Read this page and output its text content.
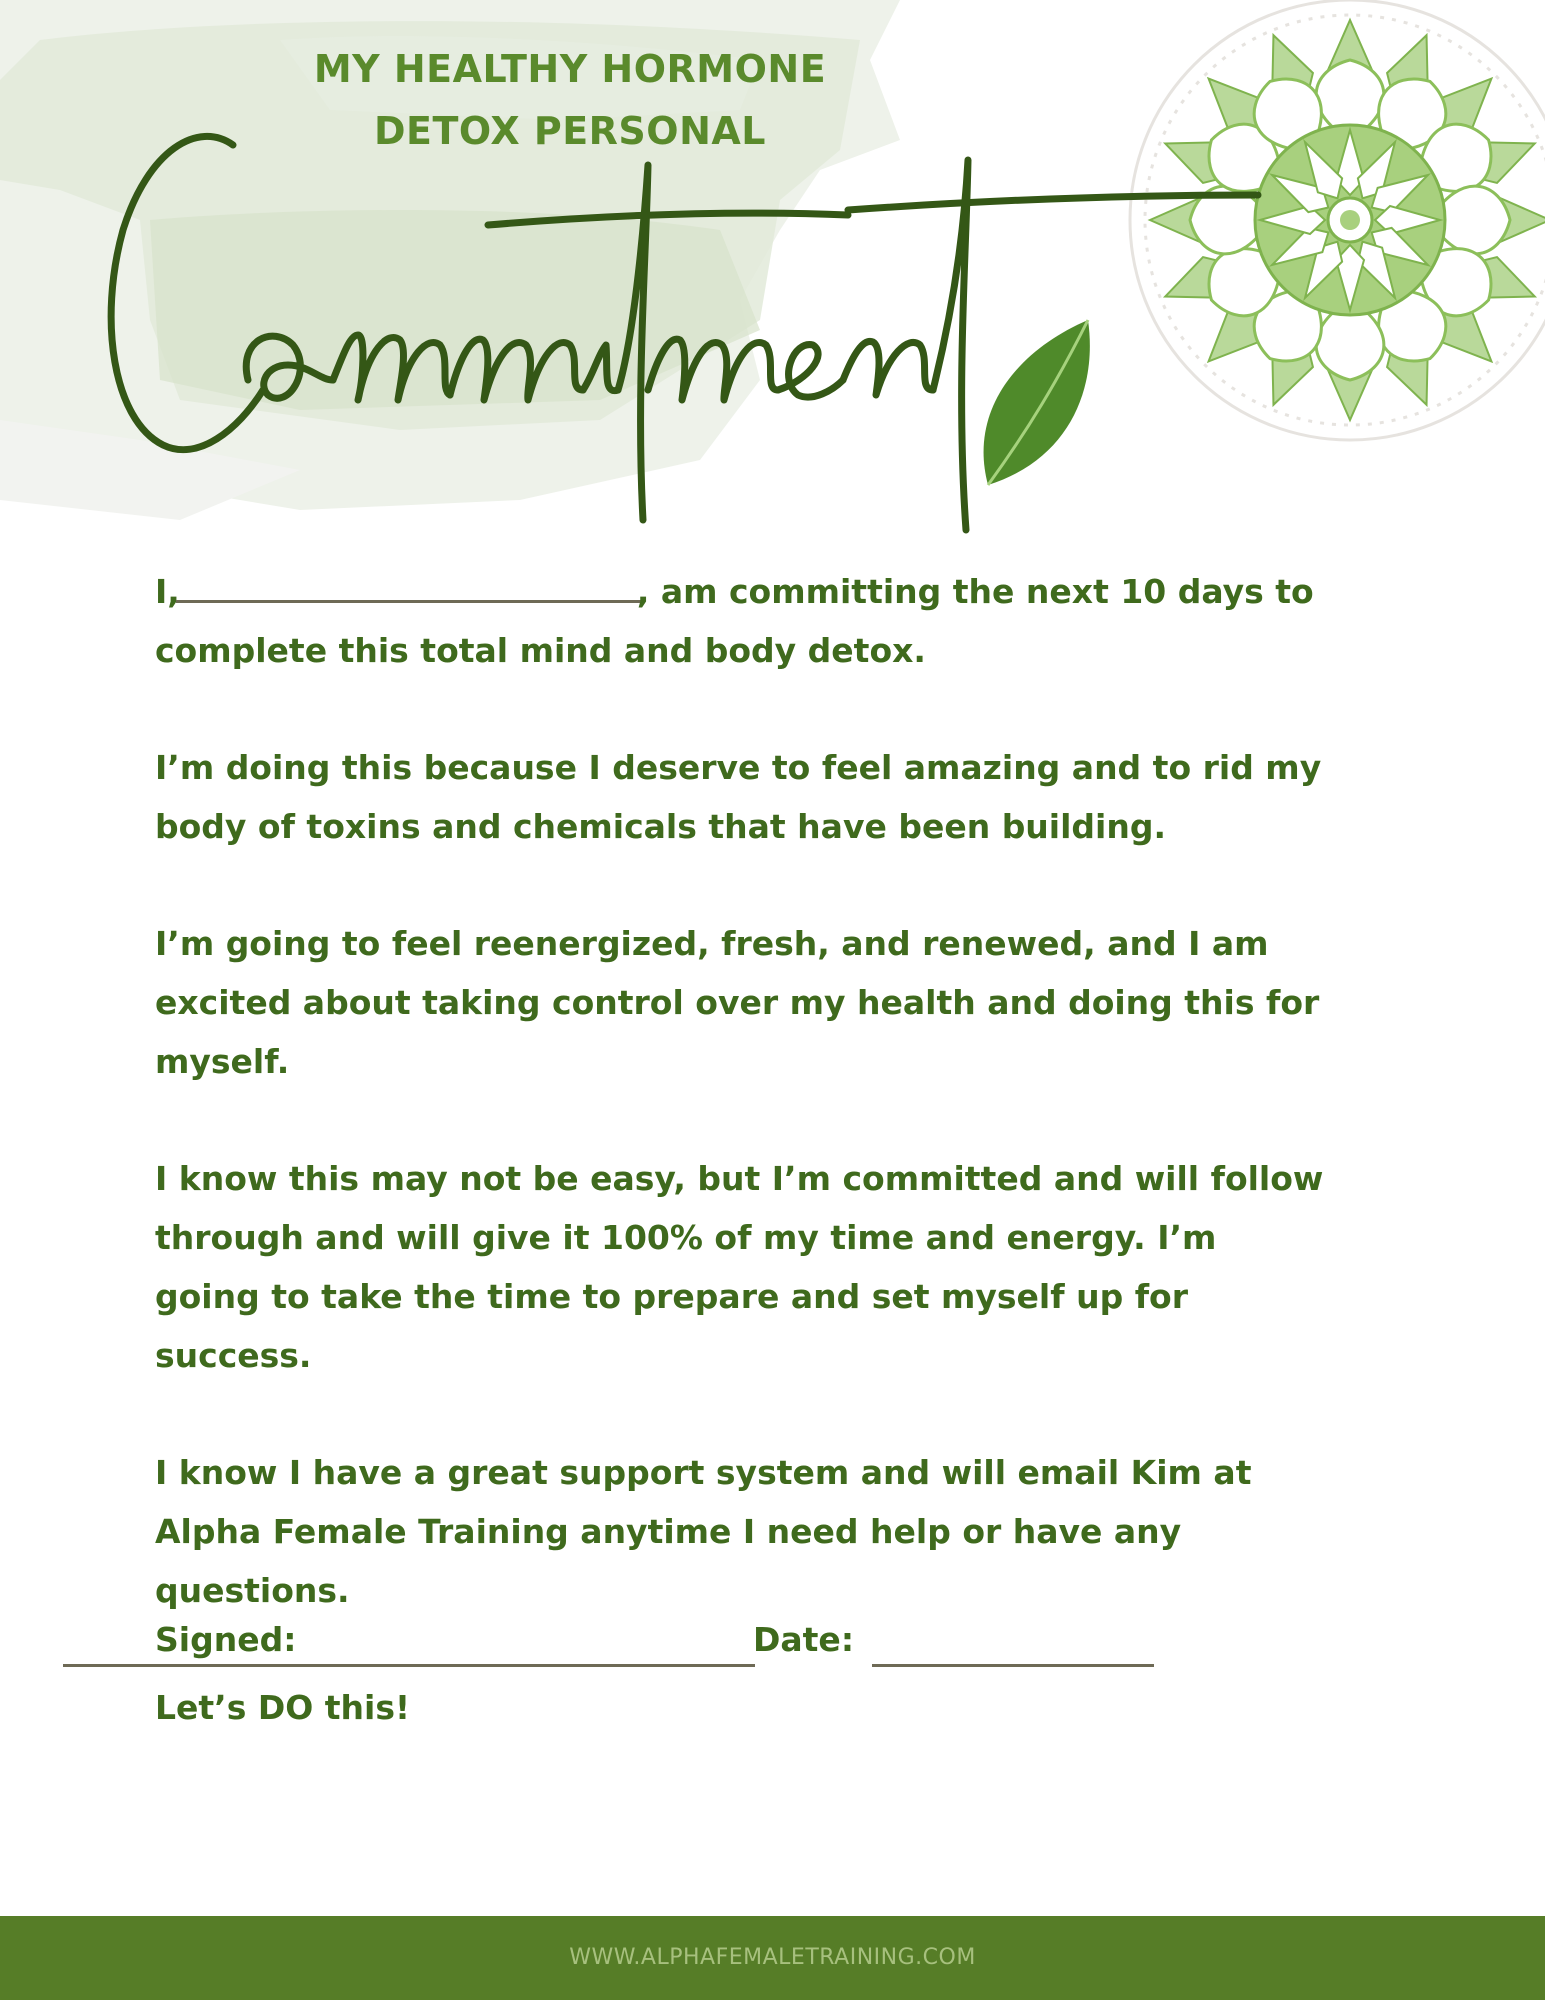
MY HEALTHY HORMONE
DETOX PERSONAL

I,	, am committing the next 10 days to complete this total mind and body detox.

I’m doing this because I deserve to feel amazing and to rid my body of toxins and chemicals that have been building.

I’m going to feel reenergized, fresh, and renewed, and I am excited about taking control over my health and doing this for myself.

I know this may not be easy, but I’m committed and will follow through and will give it 100% of my time and energy. I’m going to take the time to prepare and set myself up for success.

I know I have a great support system and will email Kim at Alpha Female Training anytime I need help or have any questions.

Let’s DO this!

Signed:	Date:
WWW.ALPHAFEMALETRAINING.COM
